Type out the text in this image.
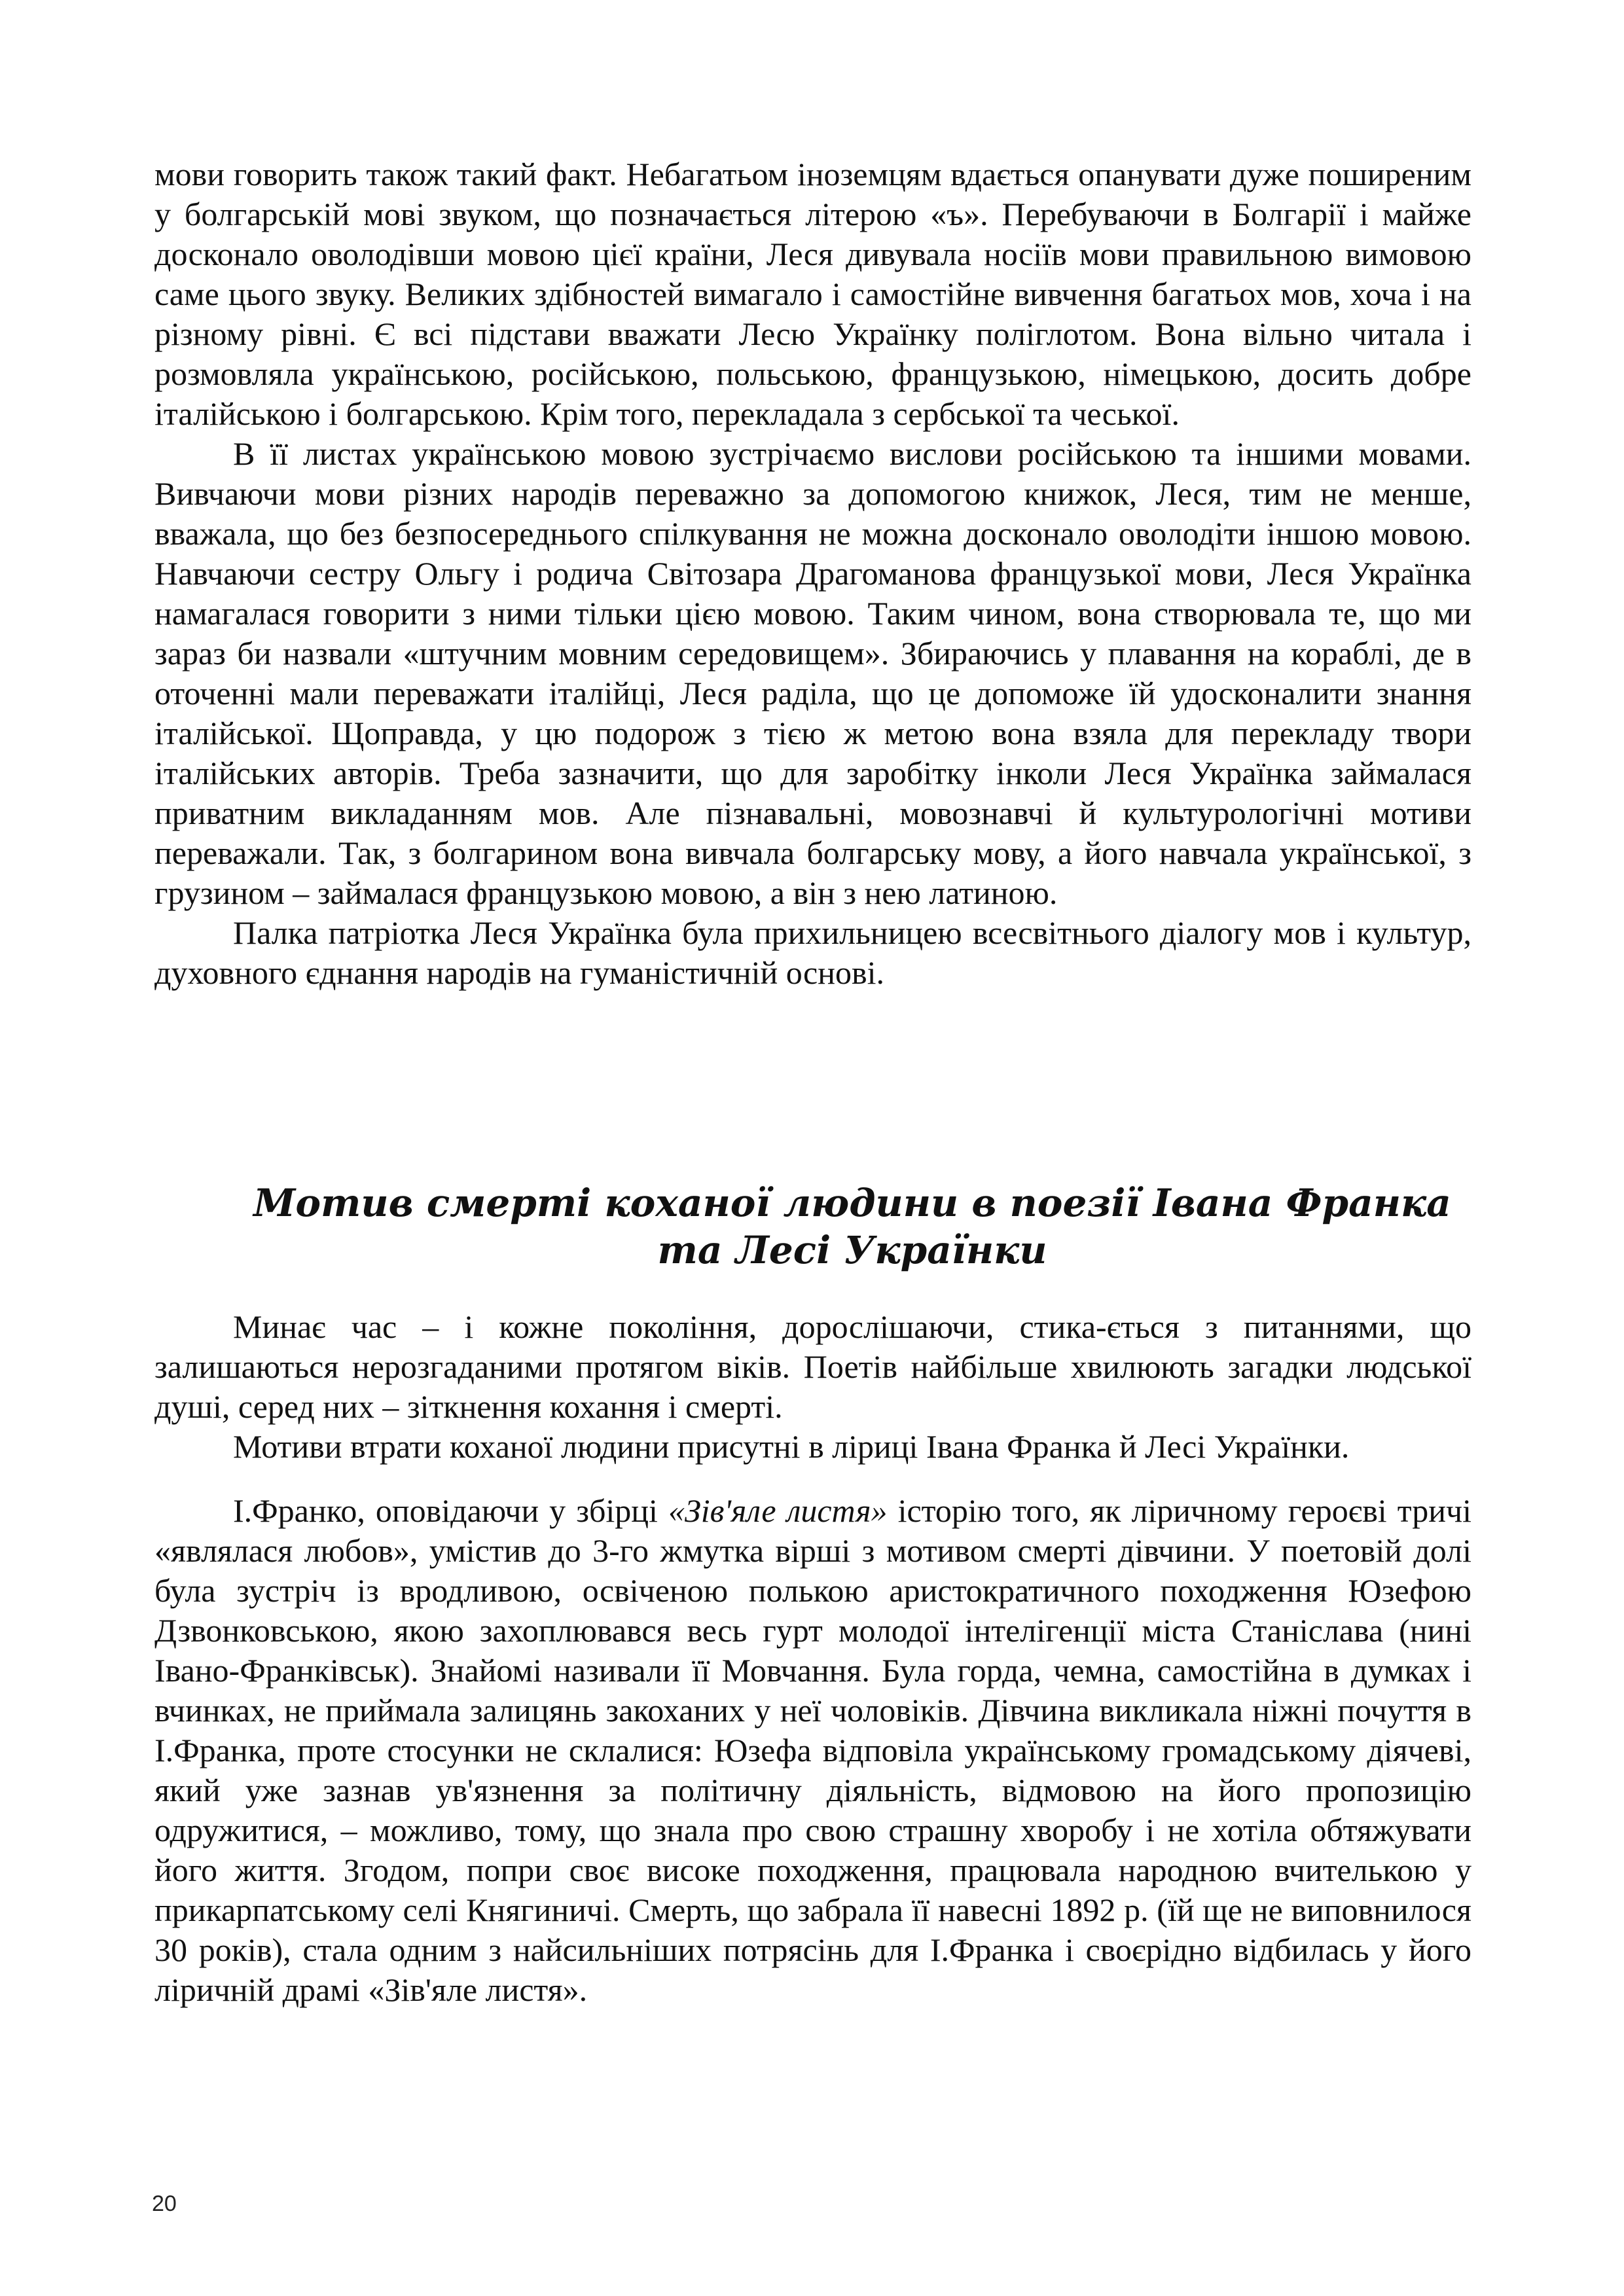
мови говорить також такий факт. Небагатьом іноземцям вдається опанувати дуже поширеним у болгарській мові звуком, що позначається літерою «ъ». Перебуваючи в Болгарії і майже досконало оволодівши мовою цієї країни, Леся дивувала носіїв мови правильною вимовою саме цього звуку. Великих здібностей вимагало і самостійне вивчення багатьох мов, хоча і на різному рівні. Є всі підстави вважати Лесю Українку поліглотом. Вона вільно читала і розмовляла українською, російською, польською, французькою, німецькою, досить добре італійською і болгарською. Крім того, перекладала з сербської та чеської.

В її листах українською мовою зустрічаємо вислови російською та іншими мовами. Вивчаючи мови різних народів переважно за допомогою книжок, Леся, тим не менше, вважала, що без безпосереднього спілкування не можна досконало оволодіти іншою мовою. Навчаючи сестру Ольгу і родича Світозара Драгоманова французької мови, Леся Українка намагалася говорити з ними тільки цією мовою. Таким чином, вона створювала те, що ми зараз би назвали «штучним мовним середовищем». Збираючись у плавання на кораблі, де в оточенні мали переважати італійці, Леся раділа, що це допоможе їй удосконалити знання італійської. Щоправда, у цю подорож з тією ж метою вона взяла для перекладу твори італійських авторів. Треба зазначити, що для заробітку інколи Леся Українка займалася приватним викладанням мов. Але пізнавальні, мовознавчі й культурологічні мотиви переважали. Так, з болгарином вона вивчала болгарську мову, а його навчала української, з грузином – займалася французькою мовою, а він з нею латиною.

Палка патріотка Леся Українка була прихильницею всесвітнього діалогу мов і культур, духовного єднання народів на гуманістичній основі.

Мотив смерті коханої людини в поезії Івана Франка
та Лесі Українки

Минає час – і кожне покоління, дорослішаючи, стика-ється з питаннями, що залишаються нерозгаданими протягом віків. Поетів найбільше хвилюють загадки людської душі, серед них – зіткнення кохання і смерті.

Мотиви втрати коханої людини присутні в ліриці Івана Франка й Лесі Українки.

І.Франко, оповідаючи у збірці «Зів'яле листя» історію того, як ліричному героєві тричі «являлася любов», умістив до 3-го жмутка вірші з мотивом смерті дівчини. У поетовій долі була зустріч із вродливою, освіченою полькою аристократичного походження Юзефою Дзвонковською, якою захоплювався весь гурт молодої інтелігенції міста Станіслава (нині Івано-Франківськ). Знайомі називали її Мовчання. Була горда, чемна, самостійна в думках і вчинках, не приймала залицянь закоханих у неї чоловіків. Дівчина викликала ніжні почуття в І.Франка, проте стосунки не склалися: Юзефа відповіла українському громадському діячеві, який уже зазнав ув'язнення за політичну діяльність, відмовою на його пропозицію одружитися, – можливо, тому, що знала про свою страшну хворобу і не хотіла обтяжувати його життя. Згодом, попри своє високе походження, працювала народною вчителькою у прикарпатському селі Княгиничі. Смерть, що забрала її навесні 1892 р. (їй ще не виповнилося 30 років), стала одним з найсильніших потрясінь для І.Франка і своєрідно відбилась у його ліричній драмі «Зів'яле листя».

20
